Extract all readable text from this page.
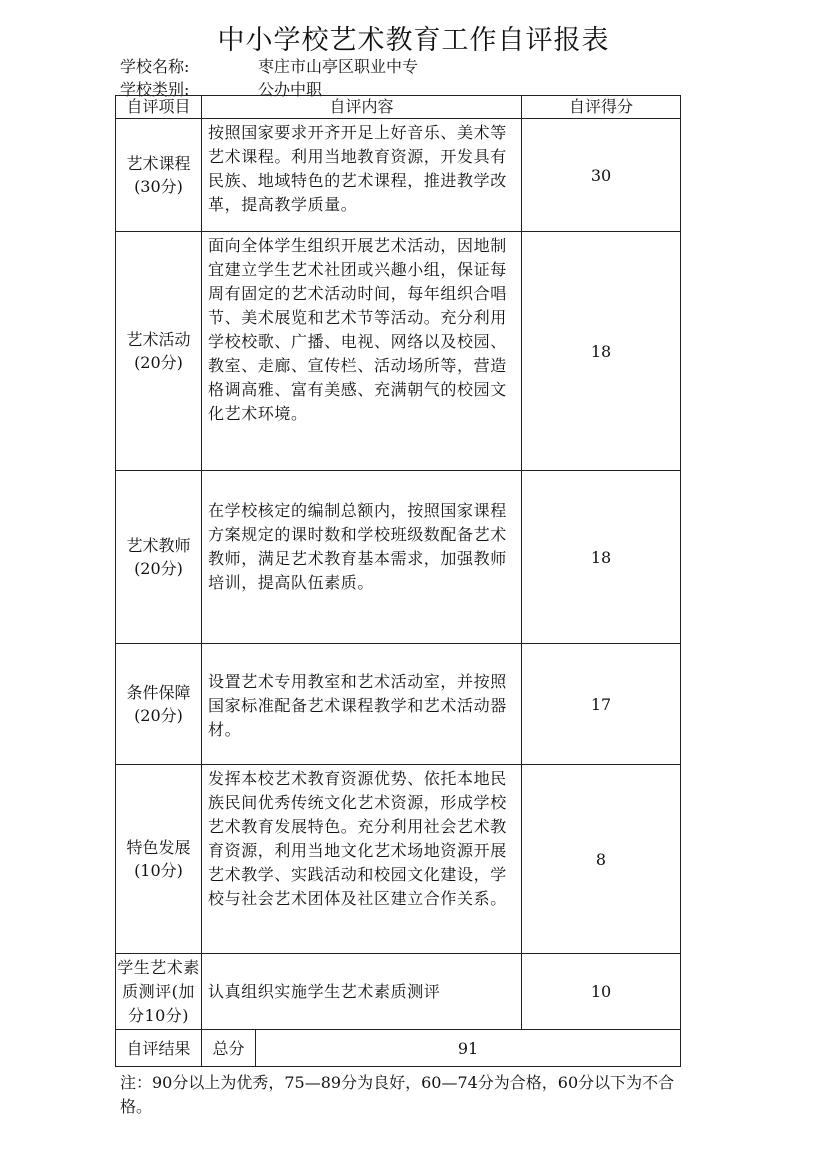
中小学校艺术教育工作自评报表
学校名称:	枣庄市山亭区职业中专
学校类别:	公办中职
自评项目	自评内容		自评得分

艺术课程
(30分)	按照国家要求开齐开足上好音乐、美术等艺术课程。利用当地教育资源，开发具有民族、地域特色的艺术课程，推进教学改革，提高教学质量。		30

艺术活动
(20分)	面向全体学生组织开展艺术活动，因地制宜建立学生艺术社团或兴趣小组，保证每周有固定的艺术活动时间，每年组织合唱节、美术展览和艺术节等活动。充分利用学校校歌、广播、电视、网络以及校园、教室、走廊、宣传栏、活动场所等，营造格调高雅、富有美感、充满朝气的校园文化艺术环境。		18

艺术教师
(20分)	在学校核定的编制总额内，按照国家课程方案规定的课时数和学校班级数配备艺术教师，满足艺术教育基本需求，加强教师培训，提高队伍素质。		18

条件保障
(20分)	设置艺术专用教室和艺术活动室，并按照国家标准配备艺术课程教学和艺术活动器材。		17

特色发展
(10分)	发挥本校艺术教育资源优势、依托本地民族民间优秀传统文化艺术资源，形成学校艺术教育发展特色。充分利用社会艺术教育资源，利用当地文化艺术场地资源开展艺术教学、实践活动和校园文化建设，学校与社会艺术团体及社区建立合作关系。		8

学生艺术素质测评(加分10分)	认真组织实施学生艺术素质测评		10
自评结果	总分	91	
注：90分以上为优秀，75—89分为良好，60—74分为合格，60分以下为不合格。
